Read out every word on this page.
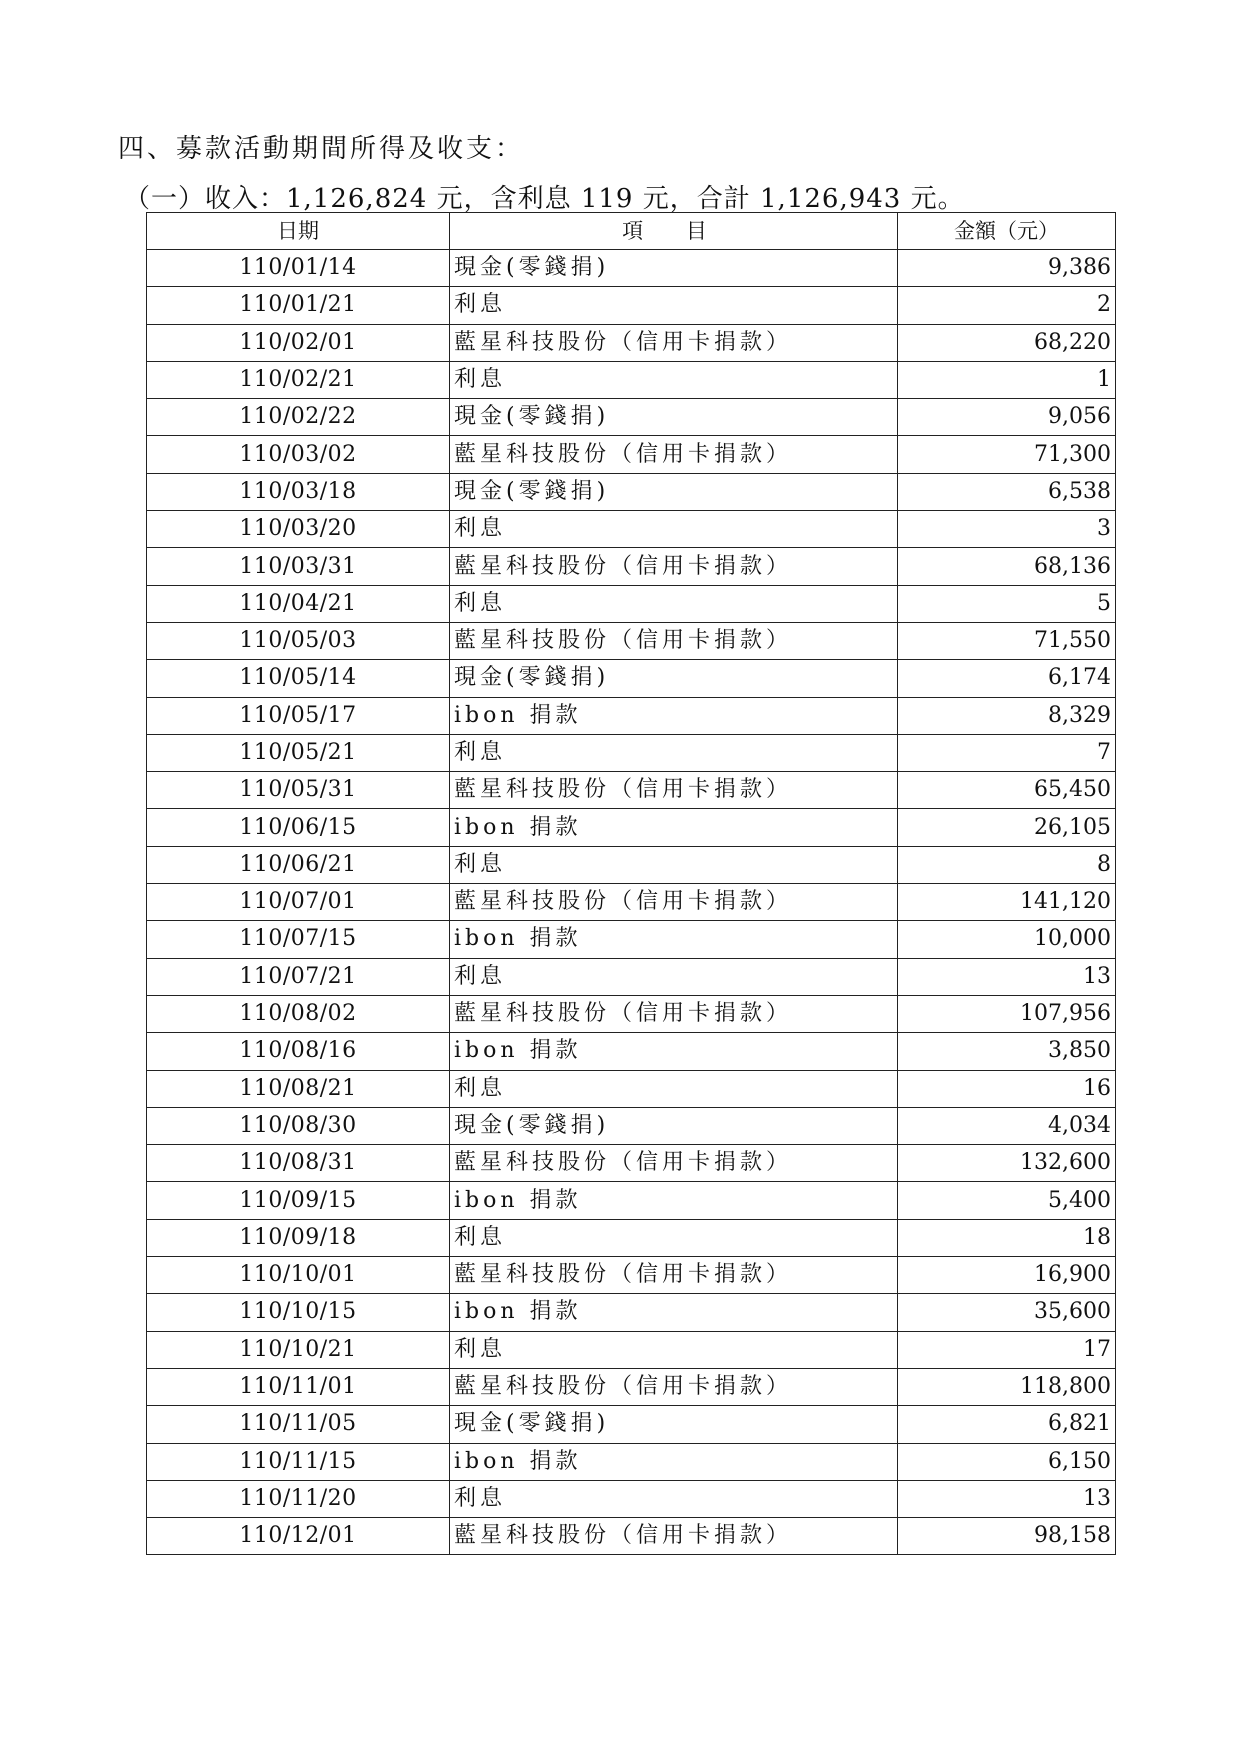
四、募款活動期間所得及收支：
（一）收入：1,126,824 元，含利息 119 元，合計 1,126,943 元。
日期	項 目	金額（元）
110/01/14	現金(零錢捐)	9,386
110/01/21	利息	2
110/02/01	藍星科技股份（信用卡捐款）	68,220
110/02/21	利息	1
110/02/22	現金(零錢捐)	9,056
110/03/02	藍星科技股份（信用卡捐款）	71,300
110/03/18	現金(零錢捐)	6,538
110/03/20	利息	3
110/03/31	藍星科技股份（信用卡捐款）	68,136
110/04/21	利息	5
110/05/03	藍星科技股份（信用卡捐款）	71,550
110/05/14	現金(零錢捐)	6,174
110/05/17	ibon 捐款	8,329
110/05/21	利息	7
110/05/31	藍星科技股份（信用卡捐款）	65,450
110/06/15	ibon 捐款	26,105
110/06/21	利息	8
110/07/01	藍星科技股份（信用卡捐款）	141,120
110/07/15	ibon 捐款	10,000
110/07/21	利息	13
110/08/02	藍星科技股份（信用卡捐款）	107,956
110/08/16	ibon 捐款	3,850
110/08/21	利息	16
110/08/30	現金(零錢捐)	4,034
110/08/31	藍星科技股份（信用卡捐款）	132,600
110/09/15	ibon 捐款	5,400
110/09/18	利息	18
110/10/01	藍星科技股份（信用卡捐款）	16,900
110/10/15	ibon 捐款	35,600
110/10/21	利息	17
110/11/01	藍星科技股份（信用卡捐款）	118,800
110/11/05	現金(零錢捐)	6,821
110/11/15	ibon 捐款	6,150
110/11/20	利息	13
110/12/01	藍星科技股份（信用卡捐款）	98,158
